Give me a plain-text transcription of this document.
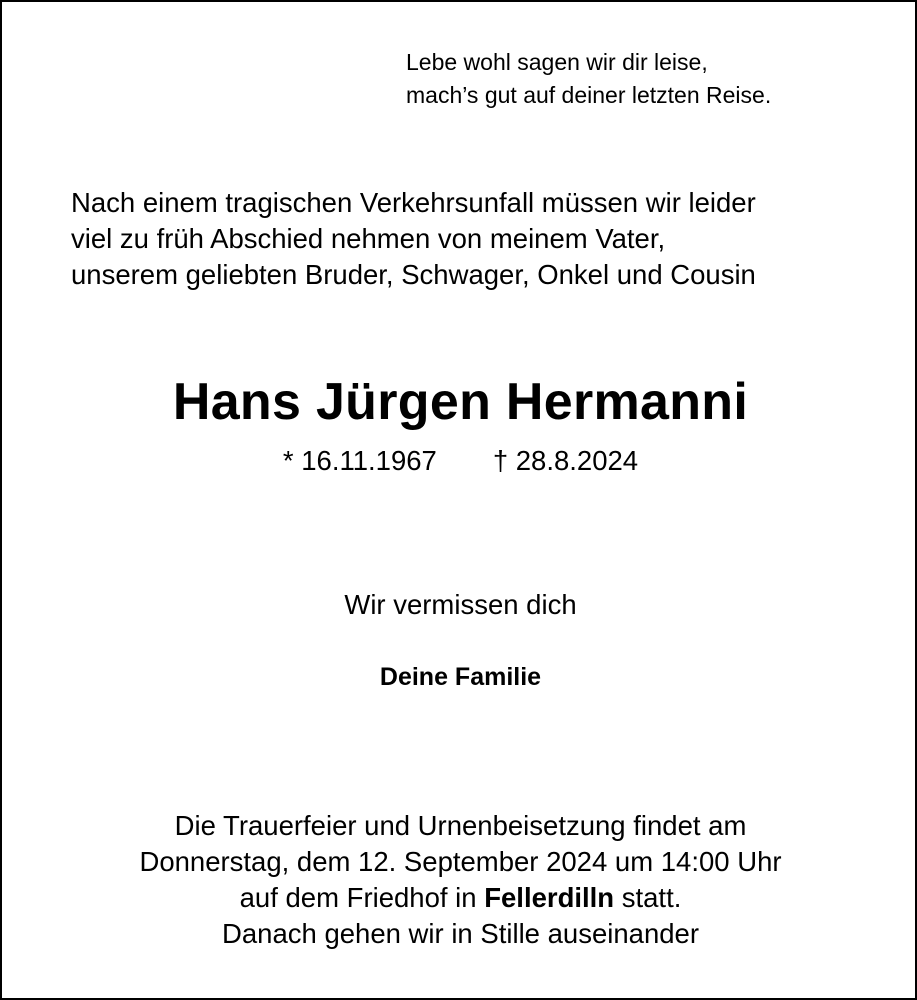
Lebe wohl sagen wir dir leise,
mach’s gut auf deiner letzten Reise.
Nach einem tragischen Verkehrsunfall müssen wir leider
viel zu früh Abschied nehmen von meinem Vater,
unserem geliebten Bruder, Schwager, Onkel und Cousin
Hans Jürgen Hermanni
* 16.11.1967 † 28.8.2024
Wir vermissen dich
Deine Familie
Die Trauerfeier und Urnenbeisetzung findet am
Donnerstag, dem 12. September 2024 um 14:00 Uhr
auf dem Friedhof in Fellerdilln statt.
Danach gehen wir in Stille auseinander
